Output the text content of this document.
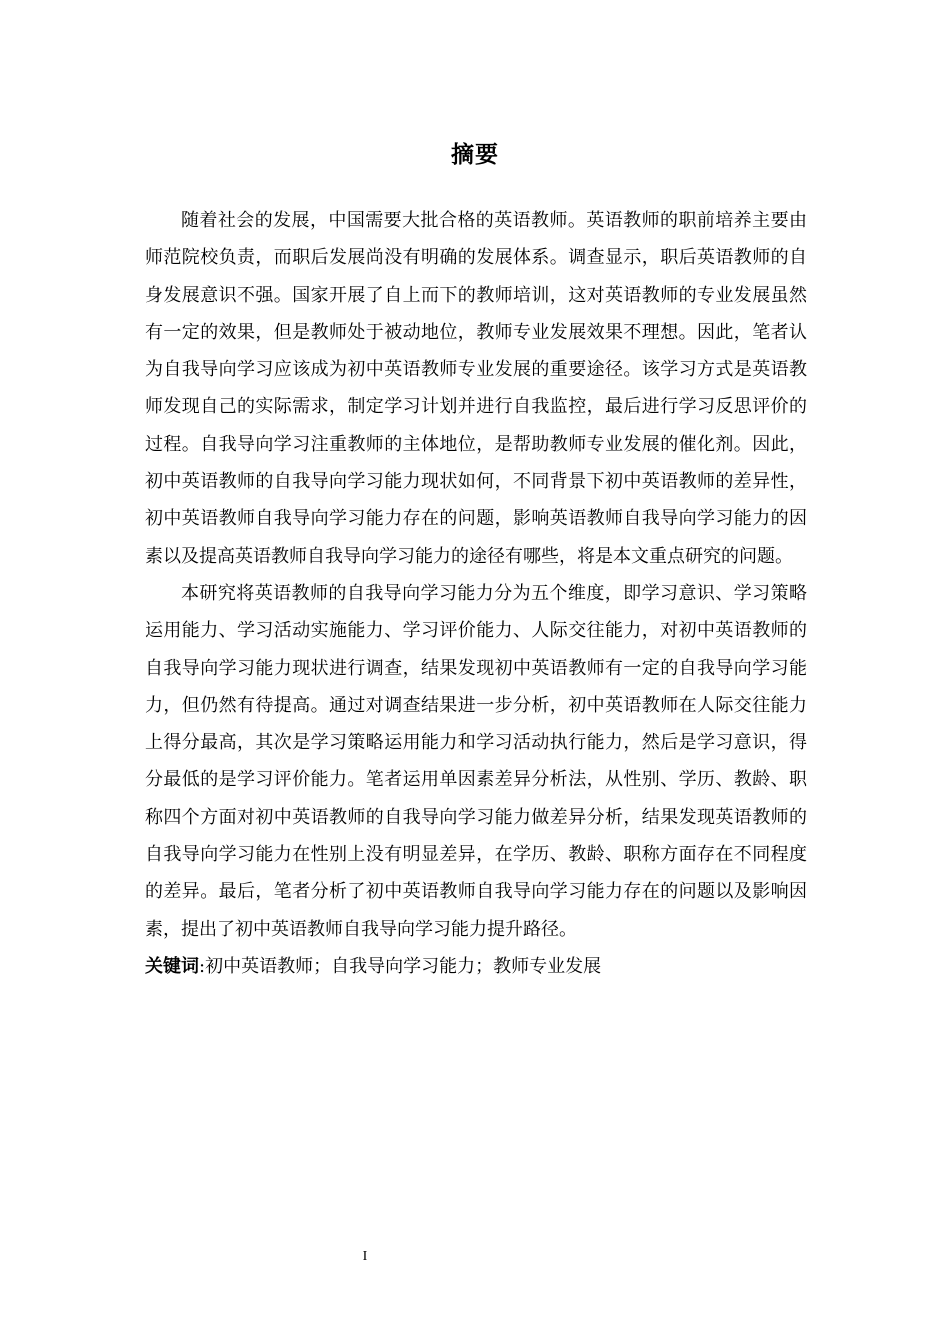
摘要

随着社会的发展，中国需要大批合格的英语教师。英语教师的职前培养主要由师范院校负责，而职后发展尚没有明确的发展体系。调查显示，职后英语教师的自身发展意识不强。国家开展了自上而下的教师培训，这对英语教师的专业发展虽然有一定的效果，但是教师处于被动地位，教师专业发展效果不理想。因此，笔者认为自我导向学习应该成为初中英语教师专业发展的重要途径。该学习方式是英语教师发现自己的实际需求，制定学习计划并进行自我监控，最后进行学习反思评价的过程。自我导向学习注重教师的主体地位，是帮助教师专业发展的催化剂。因此，初中英语教师的自我导向学习能力现状如何，不同背景下初中英语教师的差异性，初中英语教师自我导向学习能力存在的问题，影响英语教师自我导向学习能力的因素以及提高英语教师自我导向学习能力的途径有哪些，将是本文重点研究的问题。

本研究将英语教师的自我导向学习能力分为五个维度，即学习意识、学习策略运用能力、学习活动实施能力、学习评价能力、人际交往能力，对初中英语教师的自我导向学习能力现状进行调查，结果发现初中英语教师有一定的自我导向学习能力，但仍然有待提高。通过对调查结果进一步分析，初中英语教师在人际交往能力上得分最高，其次是学习策略运用能力和学习活动执行能力，然后是学习意识，得分最低的是学习评价能力。笔者运用单因素差异分析法，从性别、学历、教龄、职称四个方面对初中英语教师的自我导向学习能力做差异分析，结果发现英语教师的自我导向学习能力在性别上没有明显差异，在学历、教龄、职称方面存在不同程度的差异。最后，笔者分析了初中英语教师自我导向学习能力存在的问题以及影响因素，提出了初中英语教师自我导向学习能力提升路径。

关键词:初中英语教师；自我导向学习能力；教师专业发展
I
